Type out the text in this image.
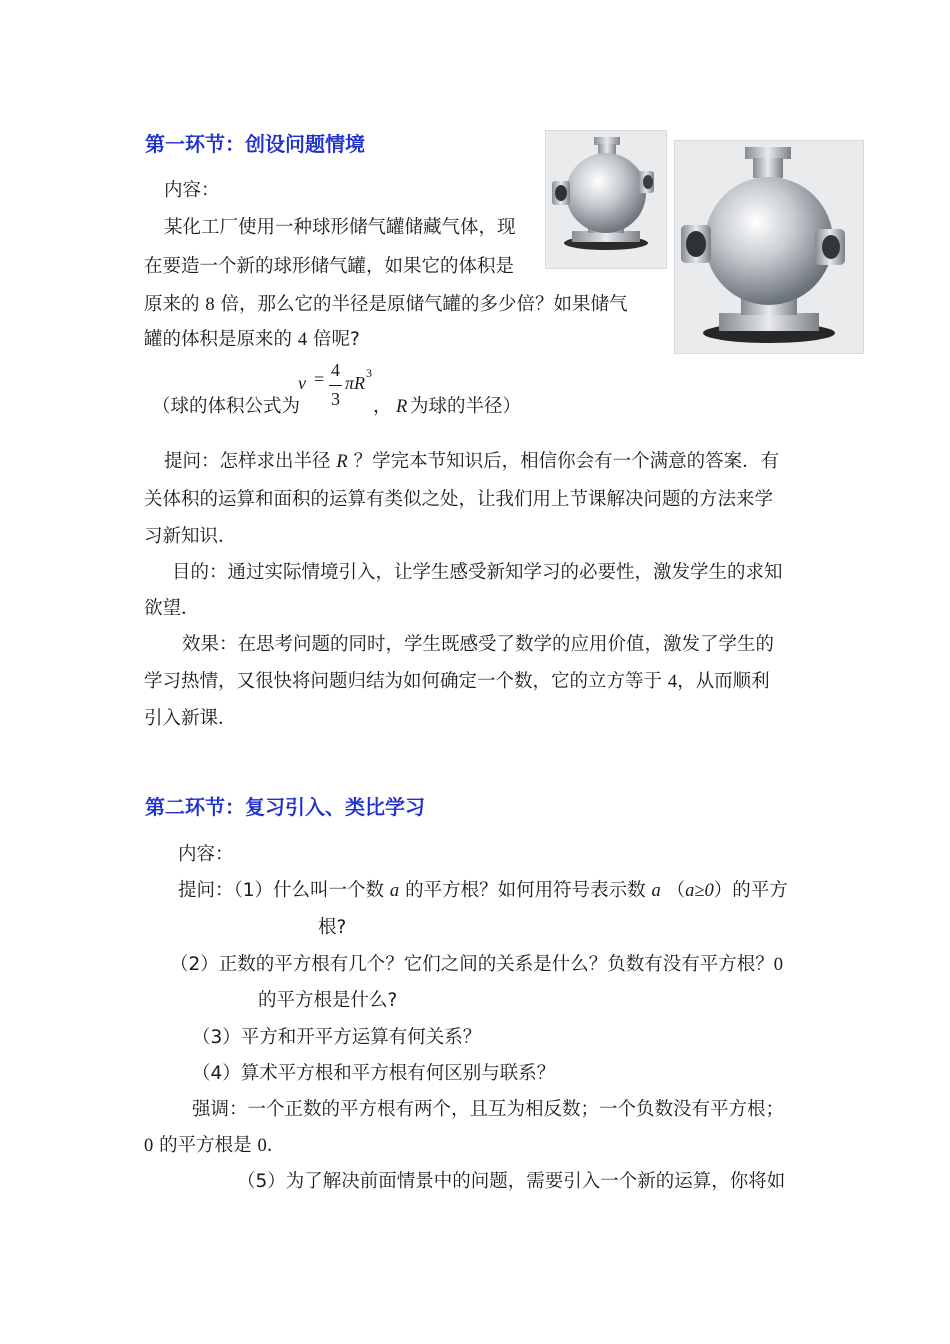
第一环节：创设问题情境
内容：
某化工厂使用一种球形储气罐储藏气体，现
在要造一个新的球形储气罐，如果它的体积是
原来的 8 倍，那么它的半径是原储气罐的多少倍？如果储气
罐的体积是原来的 4 倍呢?
（球的体积公式为
v = 4
3
πR 3
， R 为球的半径）
提问：怎样求出半径 R ？学完本节知识后，相信你会有一个满意的答案．有
关体积的运算和面积的运算有类似之处，让我们用上节课解决问题的方法来学
习新知识．
目的：通过实际情境引入，让学生感受新知学习的必要性，激发学生的求知
欲望．
效果：在思考问题的同时，学生既感受了数学的应用价值，激发了学生的
学习热情，又很快将问题归结为如何确定一个数，它的立方等于 4，从而顺利
引入新课．
第二环节：复习引入、类比学习
内容：
提问：（1）什么叫一个数 a 的平方根？如何用符号表示数 a （a≥0）的平方
根?
（2）正数的平方根有几个？它们之间的关系是什么？负数有没有平方根？0
的平方根是什么?
（3）平方和开平方运算有何关系？
（4）算术平方根和平方根有何区别与联系？
强调：一个正数的平方根有两个，且互为相反数；一个负数没有平方根；
0 的平方根是 0．
（5）为了解决前面情景中的问题，需要引入一个新的运算，你将如
